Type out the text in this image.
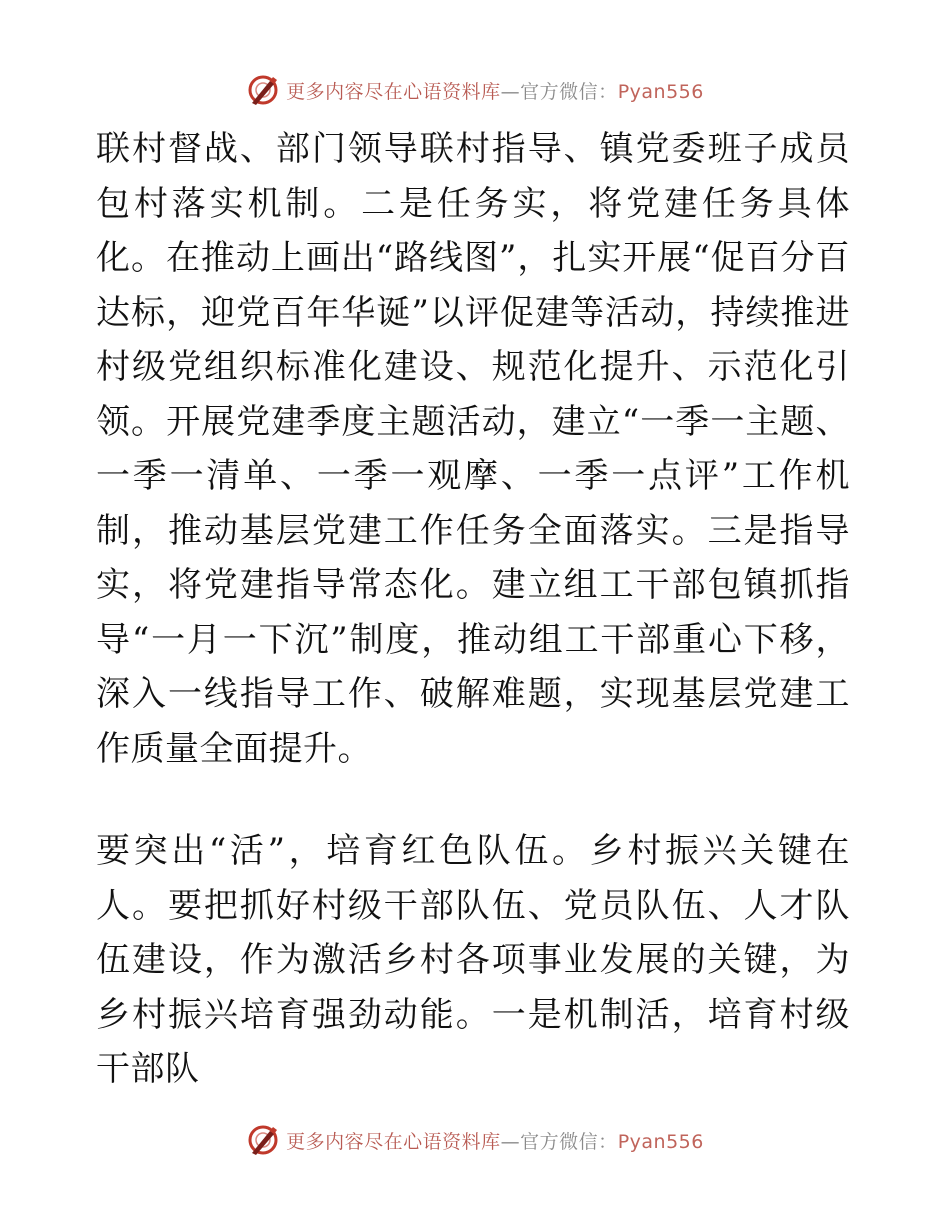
更多内容尽在心语资料库—官方微信：Pyan556

联村督战、部门领导联村指导、镇党委班子成员包村落实机制。二是任务实，将党建任务具体化。在推动上画出“路线图”，扎实开展“促百分百达标，迎党百年华诞”以评促建等活动，持续推进村级党组织标准化建设、规范化提升、示范化引领。开展党建季度主题活动，建立“一季一主题、一季一清单、一季一观摩、一季一点评”工作机制，推动基层党建工作任务全面落实。三是指导实，将党建指导常态化。建立组工干部包镇抓指导“一月一下沉”制度，推动组工干部重心下移，深入一线指导工作、破解难题，实现基层党建工作质量全面提升。

要突出“活”，培育红色队伍。乡村振兴关键在人。要把抓好村级干部队伍、党员队伍、人才队伍建设，作为激活乡村各项事业发展的关键，为乡村振兴培育强劲动能。一是机制活，培育村级干部队

更多内容尽在心语资料库—官方微信：Pyan556
